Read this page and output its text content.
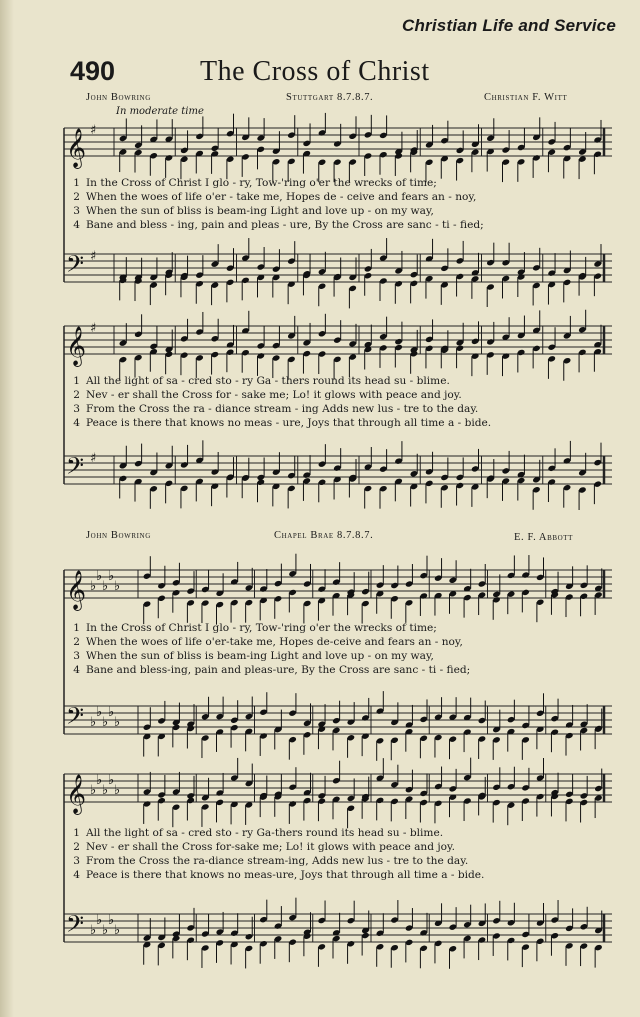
Christian Life and Service
490	The Cross of Christ
John Bowring	Stuttgart 8.7.8.7.	Christian F. Witt
In moderate time
𝄞
𝄢
♯
♯
1 In the Cross of Christ I glo - ry, Tow-'ring o'er the wrecks of time;
2 When the woes of life o'er - take me, Hopes de - ceive and fears an - noy,
3 When the sun of bliss is beam-ing Light and love up - on my way,
4 Bane and bless - ing, pain and pleas - ure, By the Cross are sanc - ti - fied;
𝄞
𝄢
♯
♯
1 All the light of sa - cred sto - ry Ga - thers round its head su - blime.
2 Nev - er shall the Cross for - sake me; Lo! it glows with peace and joy.
3 From the Cross the ra - diance stream - ing Adds new lus - tre to the day.
4 Peace is there that knows no meas - ure, Joys that through all time a - bide.
John Bowring	Chapel Brae 8.7.8.7.	E. F. Abbott
𝄞
𝄢
♭
♭
♭
♭
♭
♭
♭
♭
♭
♭
1 In the Cross of Christ I glo - ry, Tow-'ring o'er the wrecks of time;
2 When the woes of life o'er-take me, Hopes de-ceive and fears an - noy,
3 When the sun of bliss is beam-ing Light and love up - on my way,
4 Bane and bless-ing, pain and pleas-ure, By the Cross are sanc - ti - fied;
𝄞
𝄢
♭
♭
♭
♭
♭
♭
♭
♭
♭
♭
1 All the light of sa - cred sto - ry Ga-thers round its head su - blime.
2 Nev - er shall the Cross for-sake me; Lo! it glows with peace and joy.
3 From the Cross the ra-diance stream-ing, Adds new lus - tre to the day.
4 Peace is there that knows no meas-ure, Joys that through all time a - bide.
